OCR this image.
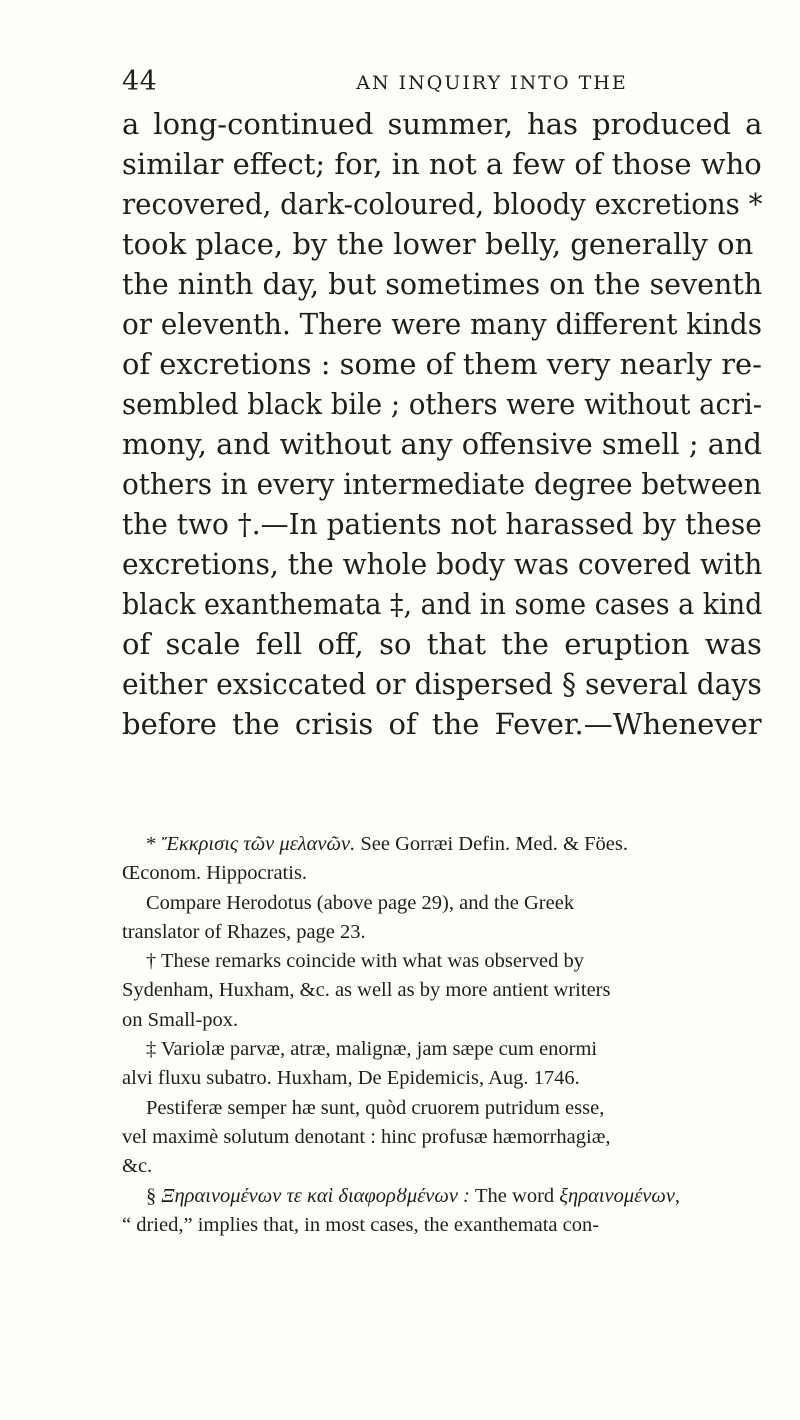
44	AN INQUIRY INTO THE
a long-continued summer, has produced a
similar effect; for, in not a few of those who
recovered, dark-coloured, bloody excretions *
took place, by the lower belly, generally on
the ninth day, but sometimes on the seventh
or eleventh. There were many different kinds
of excretions : some of them very nearly re-
sembled black bile ; others were without acri-
mony, and without any offensive smell ; and
others in every intermediate degree between
the two †.—In patients not harassed by these
excretions, the whole body was covered with
black exanthemata ‡, and in some cases a kind
of scale fell off, so that the eruption was
either exsiccated or dispersed § several days
before the crisis of the Fever.—Whenever
* Ἔκκρισις τῶν μελανῶν. See Gorræi Defin. Med. & Föes.
Œconom. Hippocratis.
Compare Herodotus (above page 29), and the Greek
translator of Rhazes, page 23.
† These remarks coincide with what was observed by
Sydenham, Huxham, &c. as well as by more antient writers
on Small-pox.
‡ Variolæ parvæ, atræ, malignæ, jam sæpe cum enormi
alvi fluxu subatro. Huxham, De Epidemicis, Aug. 1746.
Pestiferæ semper hæ sunt, quòd cruorem putridum esse,
vel maximè solutum denotant : hinc profusæ hæmorrhagiæ,
&c.
§ Ξηραινομένων τε καὶ διαφορȣμένων : The word ξηραινομένων,
“ dried,” implies that, in most cases, the exanthemata con-
